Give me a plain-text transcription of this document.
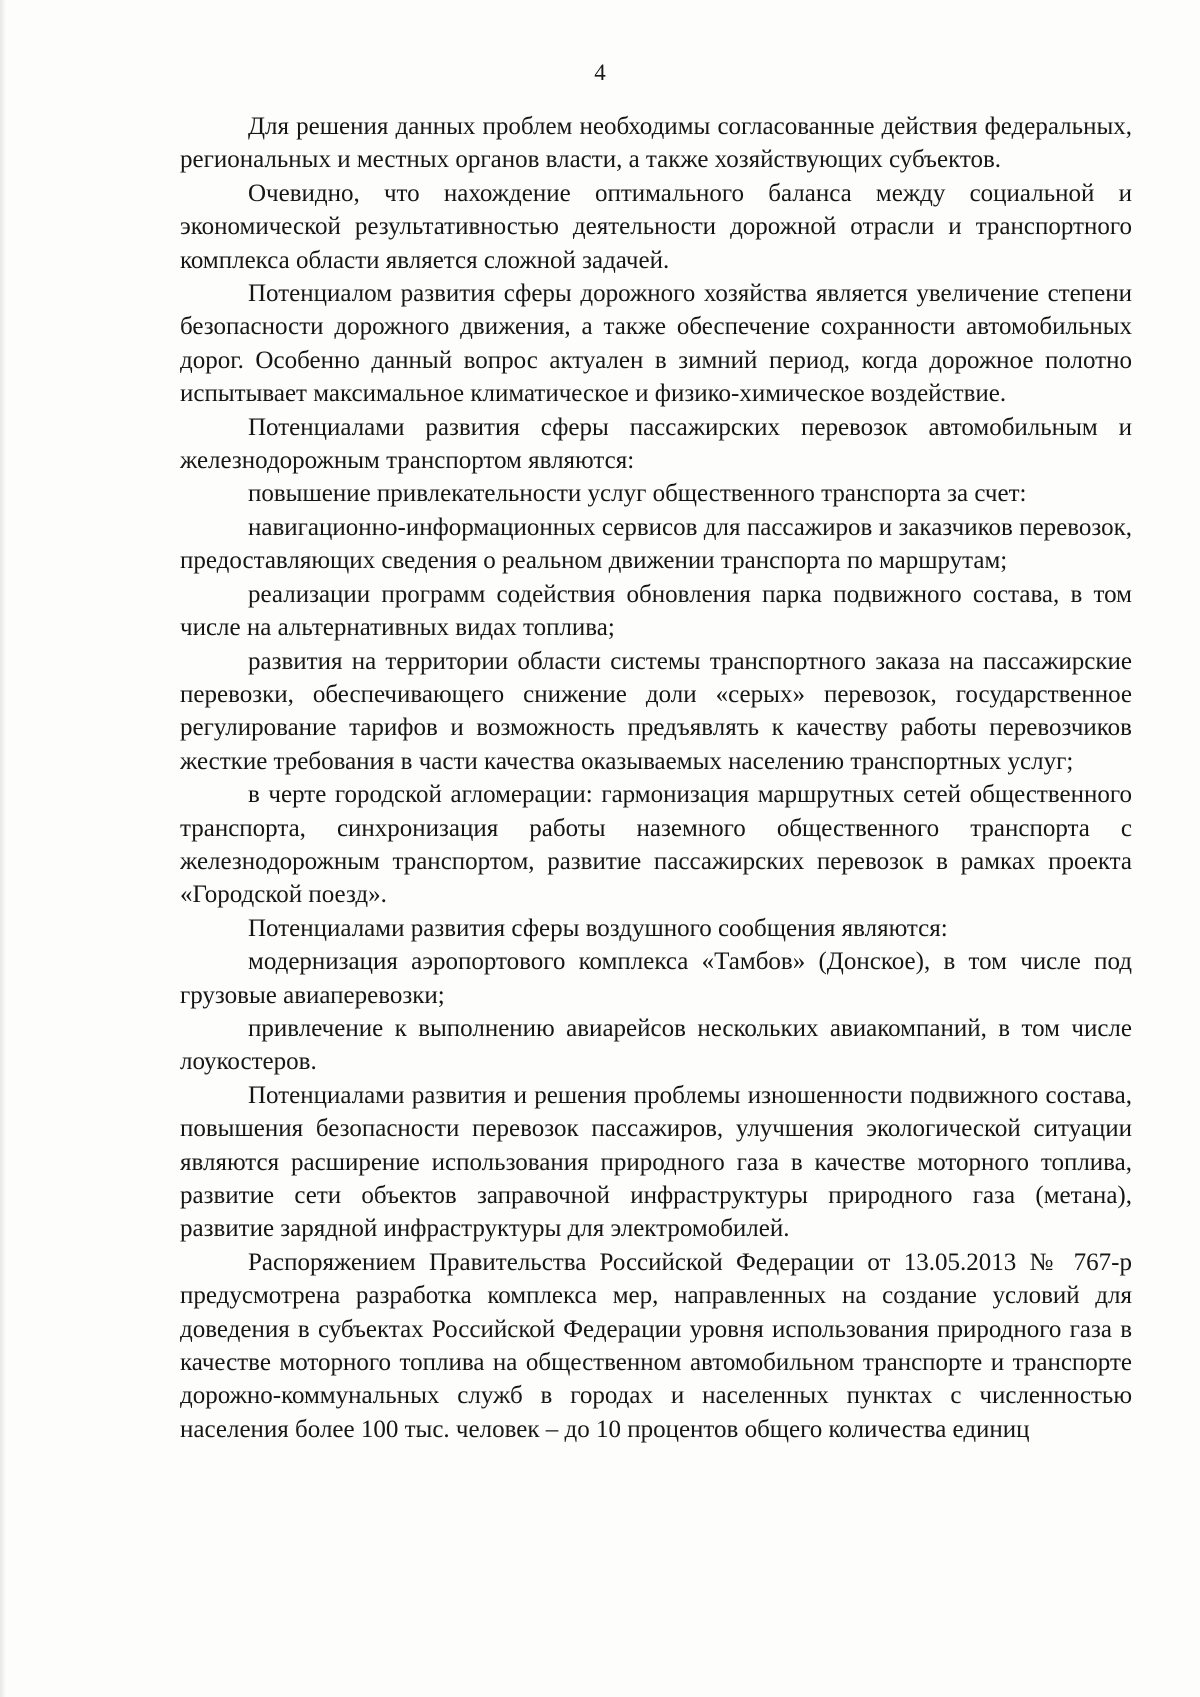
4

Для решения данных проблем необходимы согласованные действия федеральных, региональных и местных органов власти, а также хозяйствующих субъектов.

Очевидно, что нахождение оптимального баланса между социальной и экономической результативностью деятельности дорожной отрасли и транспортного комплекса области является сложной задачей.

Потенциалом развития сферы дорожного хозяйства является увеличение степени безопасности дорожного движения, а также обеспечение сохранности автомобильных дорог. Особенно данный вопрос актуален в зимний период, когда дорожное полотно испытывает максимальное климатическое и физико-химическое воздействие.

Потенциалами развития сферы пассажирских перевозок автомобильным и железнодорожным транспортом являются:

повышение привлекательности услуг общественного транспорта за счет:

навигационно-информационных сервисов для пассажиров и заказчиков перевозок, предоставляющих сведения о реальном движении транспорта по маршрутам;

реализации программ содействия обновления парка подвижного состава, в том числе на альтернативных видах топлива;

развития на территории области системы транспортного заказа на пассажирские перевозки, обеспечивающего снижение доли «серых» перевозок, государственное регулирование тарифов и возможность предъявлять к качеству работы перевозчиков жесткие требования в части качества оказываемых населению транспортных услуг;

в черте городской агломерации: гармонизация маршрутных сетей общественного транспорта, синхронизация работы наземного общественного транспорта с железнодорожным транспортом, развитие пассажирских перевозок в рамках проекта «Городской поезд».

Потенциалами развития сферы воздушного сообщения являются:

модернизация аэропортового комплекса «Тамбов» (Донское), в том числе под грузовые авиаперевозки;

привлечение к выполнению авиарейсов нескольких авиакомпаний, в том числе лоукостеров.

Потенциалами развития и решения проблемы изношенности подвижного состава, повышения безопасности перевозок пассажиров, улучшения экологической ситуации являются расширение использования природного газа в качестве моторного топлива, развитие сети объектов заправочной инфраструктуры природного газа (метана), развитие зарядной инфраструктуры для электромобилей.

Распоряжением Правительства Российской Федерации от 13.05.2013 № 767-р предусмотрена разработка комплекса мер, направленных на создание условий для доведения в субъектах Российской Федерации уровня использования природного газа в качестве моторного топлива на общественном автомобильном транспорте и транспорте дорожно-коммунальных служб в городах и населенных пунктах с численностью населения более 100 тыс. человек – до 10 процентов общего количества единиц
